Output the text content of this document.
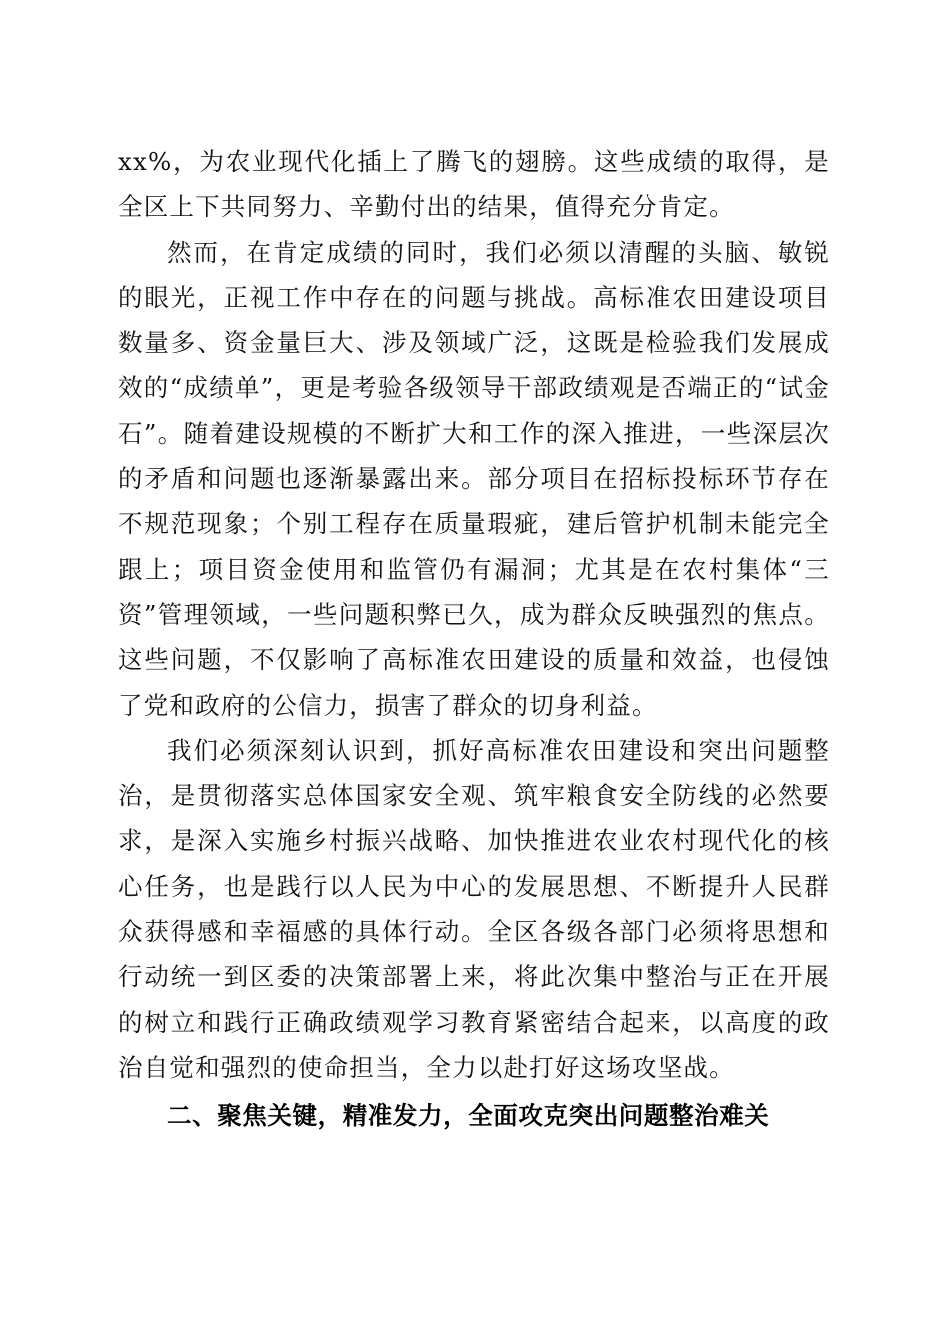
xx%，为农业现代化插上了腾飞的翅膀。这些成绩的取得，是全区上下共同努力、辛勤付出的结果，值得充分肯定。

然而，在肯定成绩的同时，我们必须以清醒的头脑、敏锐的眼光，正视工作中存在的问题与挑战。高标准农田建设项目数量多、资金量巨大、涉及领域广泛，这既是检验我们发展成效的“成绩单”，更是考验各级领导干部政绩观是否端正的“试金石”。随着建设规模的不断扩大和工作的深入推进，一些深层次的矛盾和问题也逐渐暴露出来。部分项目在招标投标环节存在不规范现象；个别工程存在质量瑕疵，建后管护机制未能完全跟上；项目资金使用和监管仍有漏洞；尤其是在农村集体“三资”管理领域，一些问题积弊已久，成为群众反映强烈的焦点。这些问题，不仅影响了高标准农田建设的质量和效益，也侵蚀了党和政府的公信力，损害了群众的切身利益。

我们必须深刻认识到，抓好高标准农田建设和突出问题整治，是贯彻落实总体国家安全观、筑牢粮食安全防线的必然要求，是深入实施乡村振兴战略、加快推进农业农村现代化的核心任务，也是践行以人民为中心的发展思想、不断提升人民群众获得感和幸福感的具体行动。全区各级各部门必须将思想和行动统一到区委的决策部署上来，将此次集中整治与正在开展的树立和践行正确政绩观学习教育紧密结合起来，以高度的政治自觉和强烈的使命担当，全力以赴打好这场攻坚战。

二、聚焦关键，精准发力，全面攻克突出问题整治难关
